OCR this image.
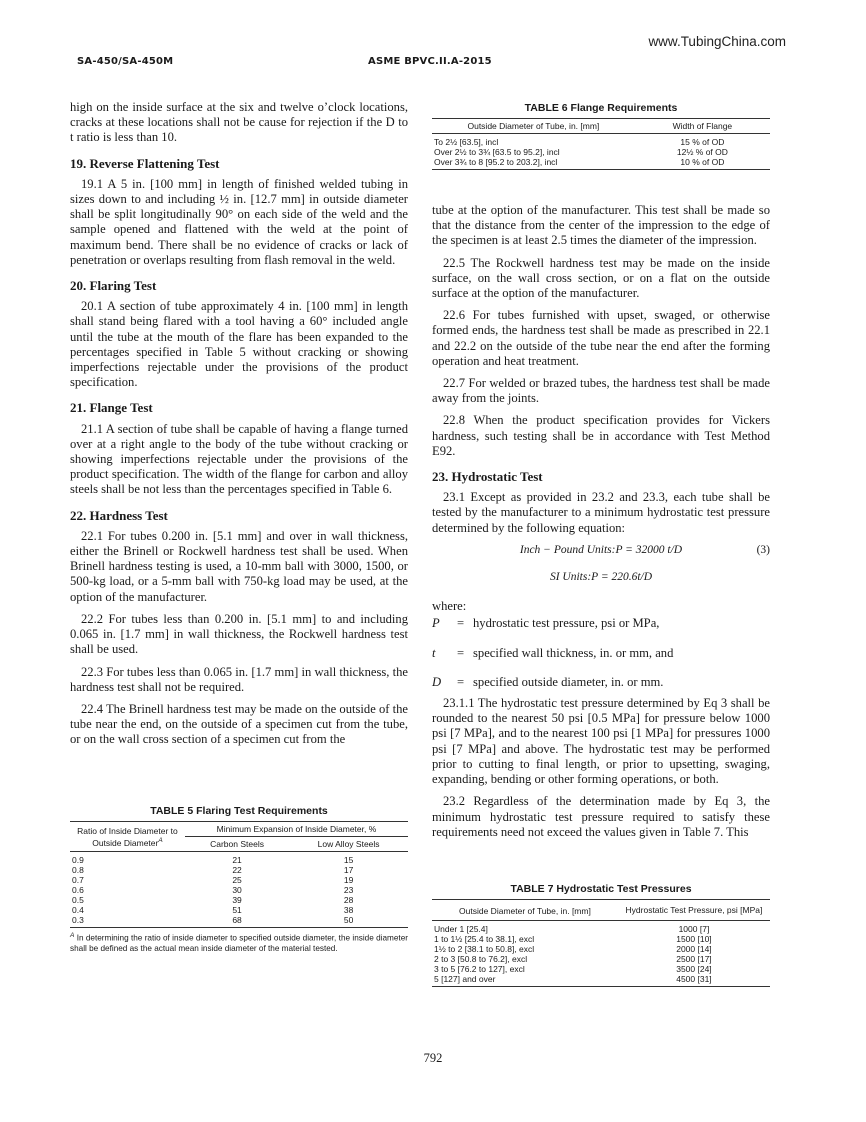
www.TubingChina.com
SA-450/SA-450M	ASME BPVC.II.A-2015

high on the inside surface at the six and twelve o’clock locations, cracks at these locations shall not be cause for rejection if the D to t ratio is less than 10.

19. Reverse Flattening Test

19.1 A 5 in. [100 mm] in length of finished welded tubing in sizes down to and including ½ in. [12.7 mm] in outside diameter shall be split longitudinally 90° on each side of the weld and the sample opened and flattened with the weld at the point of maximum bend. There shall be no evidence of cracks or lack of penetration or overlaps resulting from flash removal in the weld.

20. Flaring Test

20.1 A section of tube approximately 4 in. [100 mm] in length shall stand being flared with a tool having a 60° included angle until the tube at the mouth of the flare has been expanded to the percentages specified in Table 5 without cracking or showing imperfections rejectable under the provisions of the product specification.

21. Flange Test

21.1 A section of tube shall be capable of having a flange turned over at a right angle to the body of the tube without cracking or showing imperfections rejectable under the provisions of the product specification. The width of the flange for carbon and alloy steels shall be not less than the percentages specified in Table 6.

22. Hardness Test

22.1 For tubes 0.200 in. [5.1 mm] and over in wall thickness, either the Brinell or Rockwell hardness test shall be used. When Brinell hardness testing is used, a 10-mm ball with 3000, 1500, or 500-kg load, or a 5-mm ball with 750-kg load may be used, at the option of the manufacturer.

22.2 For tubes less than 0.200 in. [5.1 mm] to and including 0.065 in. [1.7 mm] in wall thickness, the Rockwell hardness test shall be used.

22.3 For tubes less than 0.065 in. [1.7 mm] in wall thickness, the hardness test shall not be required.

22.4 The Brinell hardness test may be made on the outside of the tube near the end, on the outside of a specimen cut from the tube, or on the wall cross section of a specimen cut from the

TABLE 5 Flaring Test Requirements
Ratio of Inside Diameter to Outside Diameter$^A$	Minimum Expansion of Inside Diameter, %	
	Carbon Steels	Low Alloy Steels
0.9	21	15
0.8	22	17
0.7	25	19
0.6	30	23
0.5	39	28
0.4	51	38
0.3	68	50
$^A$ In determining the ratio of inside diameter to specified outside diameter, the inside diameter shall be defined as the actual mean inside diameter of the material tested.
TABLE 6 Flange Requirements
Outside Diameter of Tube, in. [mm]	Width of Flange
To 2½ [63.5], incl	15 % of OD
Over 2½ to 3¾ [63.5 to 95.2], incl	12½ % of OD
Over 3¾ to 8 [95.2 to 203.2], incl	10 % of OD

tube at the option of the manufacturer. This test shall be made so that the distance from the center of the impression to the edge of the specimen is at least 2.5 times the diameter of the impression.

22.5 The Rockwell hardness test may be made on the inside surface, on the wall cross section, or on a flat on the outside surface at the option of the manufacturer.

22.6 For tubes furnished with upset, swaged, or otherwise formed ends, the hardness test shall be made as prescribed in 22.1 and 22.2 on the outside of the tube near the end after the forming operation and heat treatment.

22.7 For welded or brazed tubes, the hardness test shall be made away from the joints.

22.8 When the product specification provides for Vickers hardness, such testing shall be in accordance with Test Method E92.

23. Hydrostatic Test

23.1 Except as provided in 23.2 and 23.3, each tube shall be tested by the manufacturer to a minimum hydrostatic test pressure determined by the following equation:

Inch − Pound Units:P = 32000 t/D	(3)
SI Units:P = 220.6t/D
where:
P	= hydrostatic test pressure, psi or MPa,
t	= specified wall thickness, in. or mm, and
D	= specified outside diameter, in. or mm.

23.1.1 The hydrostatic test pressure determined by Eq 3 shall be rounded to the nearest 50 psi [0.5 MPa] for pressure below 1000 psi [7 MPa], and to the nearest 100 psi [1 MPa] for pressures 1000 psi [7 MPa] and above. The hydrostatic test may be performed prior to cutting to final length, or prior to upsetting, swaging, expanding, bending or other forming operations, or both.

23.2 Regardless of the determination made by Eq 3, the minimum hydrostatic test pressure required to satisfy these requirements need not exceed the values given in Table 7. This

TABLE 7 Hydrostatic Test Pressures
Outside Diameter of Tube, in. [mm]	Hydrostatic Test Pressure, psi [MPa]
Under 1 [25.4]	1000 [7]
1 to 1½ [25.4 to 38.1], excl	1500 [10]
1½ to 2 [38.1 to 50.8], excl	2000 [14]
2 to 3 [50.8 to 76.2], excl	2500 [17]
3 to 5 [76.2 to 127], excl	3500 [24]
5 [127] and over	4500 [31]
792
